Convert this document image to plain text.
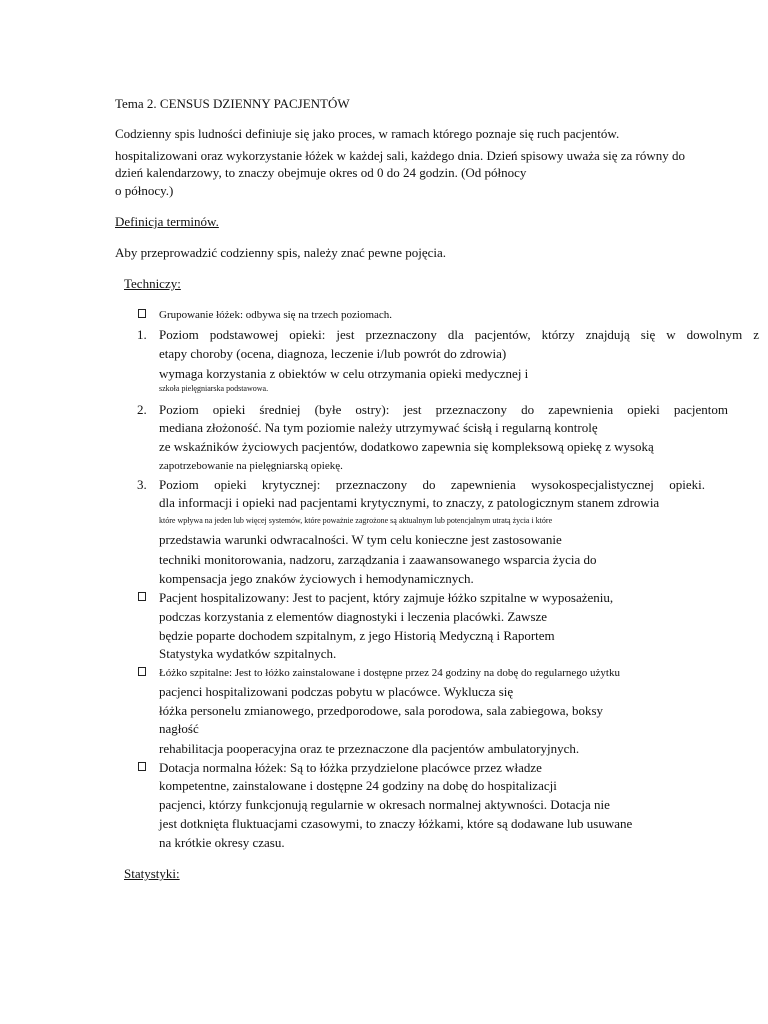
Tema 2. CENSUS DZIENNY PACJENTÓW
Codzienny spis ludności definiuje się jako proces, w ramach którego poznaje się ruch pacjentów.
hospitalizowani oraz wykorzystanie łóżek w każdej sali, każdego dnia. Dzień spisowy uważa się za równy do
dzień kalendarzowy, to znaczy obejmuje okres od 0 do 24 godzin. (Od północy
o północy.)
Definicja terminów.
Aby przeprowadzić codzienny spis, należy znać pewne pojęcia.
Techniczy:
Grupowanie łóżek: odbywa się na trzech poziomach.
1. Poziom podstawowej opieki: jest przeznaczony dla pacjentów, którzy znajdują się w dowolnym z
etapy choroby (ocena, diagnoza, leczenie i/lub powrót do zdrowia)
wymaga korzystania z obiektów w celu otrzymania opieki medycznej i
szkoła pielęgniarska podstawowa.
2. Poziom opieki średniej (byłe ostry): jest przeznaczony do zapewnienia opieki pacjentom
mediana złożoność. Na tym poziomie należy utrzymywać ścisłą i regularną kontrolę
ze wskaźników życiowych pacjentów, dodatkowo zapewnia się kompleksową opiekę z wysoką
zapotrzebowanie na pielęgniarską opiekę.
3. Poziom opieki krytycznej: przeznaczony do zapewnienia wysokospecjalistycznej opieki.
dla informacji i opieki nad pacjentami krytycznymi, to znaczy, z patologicznym stanem zdrowia
które wpływa na jeden lub więcej systemów, które poważnie zagrożone są aktualnym lub potencjalnym utratą życia i które
przedstawia warunki odwracalności. W tym celu konieczne jest zastosowanie
techniki monitorowania, nadzoru, zarządzania i zaawansowanego wsparcia życia do
kompensacja jego znaków życiowych i hemodynamicznych.
Pacjent hospitalizowany: Jest to pacjent, który zajmuje łóżko szpitalne w wyposażeniu,
podczas korzystania z elementów diagnostyki i leczenia placówki. Zawsze
będzie poparte dochodem szpitalnym, z jego Historią Medyczną i Raportem
Statystyka wydatków szpitalnych.
Łóżko szpitalne: Jest to łóżko zainstalowane i dostępne przez 24 godziny na dobę do regularnego użytku
pacjenci hospitalizowani podczas pobytu w placówce. Wyklucza się
łóżka personelu zmianowego, przedporodowe, sala porodowa, sala zabiegowa, boksy
nagłość
rehabilitacja pooperacyjna oraz te przeznaczone dla pacjentów ambulatoryjnych.
Dotacja normalna łóżek: Są to łóżka przydzielone placówce przez władze
kompetentne, zainstalowane i dostępne 24 godziny na dobę do hospitalizacji
pacjenci, którzy funkcjonują regularnie w okresach normalnej aktywności. Dotacja nie
jest dotknięta fluktuacjami czasowymi, to znaczy łóżkami, które są dodawane lub usuwane
na krótkie okresy czasu.
Statystyki:
